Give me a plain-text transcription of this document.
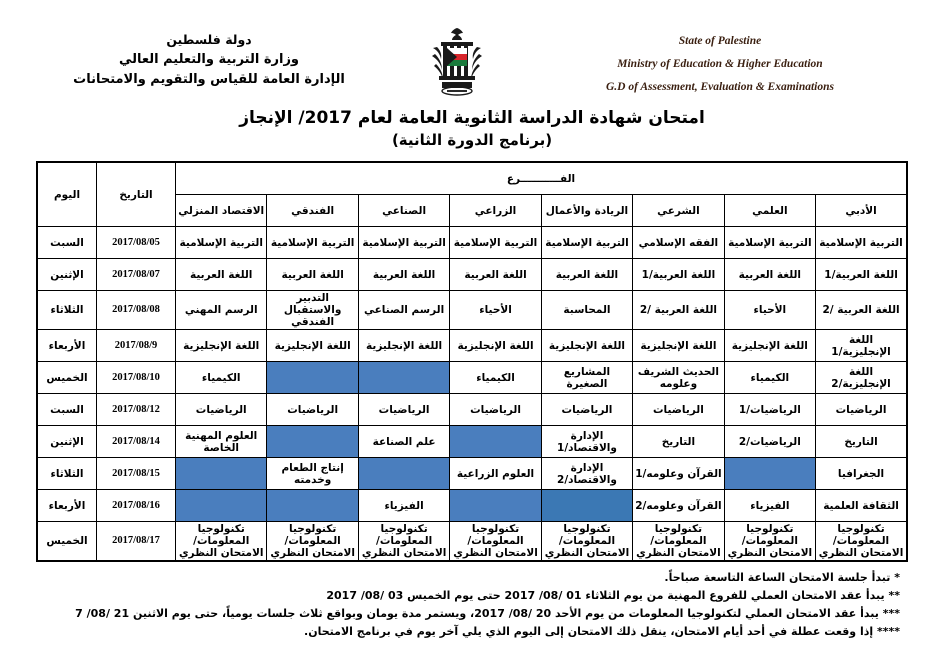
دولة فلسطين
وزارة التربية والتعليم العالي
الإدارة العامة للقياس والتقويم والامتحانات
State of Palestine
Ministry of Education & Higher Education
G.D of Assessment, Evaluation & Examinations
امتحان شهادة الدراسة الثانوية العامة لعام 2017/ الإنجاز
(برنامج الدورة الثانية)
الفـــــــــــرع								التاريخ	اليوم
الأدبي	العلمي	الشرعي	الريادة والأعمال	الزراعي	الصناعي	الفندقي	الاقتصاد المنزلي		
التربية الإسلامية	التربية الإسلامية	الفقه الإسلامي	التربية الإسلامية	التربية الإسلامية	التربية الإسلامية	التربية الإسلامية	التربية الإسلامية	2017/08/05	السبت
اللغة العربية/1	اللغة العربية	اللغة العربية/1	اللغة العربية	اللغة العربية	اللغة العربية	اللغة العربية	اللغة العربية	2017/08/07	الإثنين
اللغة العربية /2	الأحياء	اللغة العربية /2	المحاسبة	الأحياء	الرسم الصناعي	التدبير والاستقبال الفندقي	الرسم المهني	2017/08/08	الثلاثاء
اللغة الإنجليزية/1	اللغة الإنجليزية	اللغة الإنجليزية	اللغة الإنجليزية	اللغة الإنجليزية	اللغة الإنجليزية	اللغة الإنجليزية	اللغة الإنجليزية	2017/08/9	الأربعاء
اللغة الإنجليزية/2	الكيمياء	الحديث الشريف وعلومه	المشاريع الصغيرة	الكيمياء			الكيمياء	2017/08/10	الخميس
الرياضيات	الرياضيات/1	الرياضيات	الرياضيات	الرياضيات	الرياضيات	الرياضيات	الرياضيات	2017/08/12	السبت
التاريخ	الرياضيات/2	التاريخ	الإدارة والاقتصاد/1		علم الصناعة		العلوم المهنية الخاصة	2017/08/14	الإثنين
الجغرافيا		القرآن وعلومه/1	الإدارة والاقتصاد/2	العلوم الزراعية		إنتاج الطعام وخدمته		2017/08/15	الثلاثاء
الثقافة العلمية	الفيزياء	القرآن وعلومه/2			الفيزياء			2017/08/16	الأربعاء
تكنولوجيا المعلومات/ الامتحان النظري	تكنولوجيا المعلومات/ الامتحان النظري	تكنولوجيا المعلومات/ الامتحان النظري	تكنولوجيا المعلومات/ الامتحان النظري	تكنولوجيا المعلومات/ الامتحان النظري	تكنولوجيا المعلومات/ الامتحان النظري	تكنولوجيا المعلومات/ الامتحان النظري	تكنولوجيا المعلومات/ الامتحان النظري	2017/08/17	الخميس

* تبدأ جلسة الامتحان الساعة التاسعة صباحاً.

** يبدأ عقد الامتحان العملي للفروع المهنية من يوم الثلاثاء 01 /08/ 2017 حتى يوم الخميس 03 /08/ 2017

*** يبدأ عقد الامتحان العملي لتكنولوجيا المعلومات من يوم الأحد 20 /08/ 2017، ويستمر مدة يومان وبواقع ثلاث جلسات يومياً، حتى يوم الاثنين 21 /08/ 7

**** إذا وقعت عطلة في أحد أيام الامتحان، ينقل ذلك الامتحان إلى اليوم الذي يلي آخر يوم في برنامج الامتحان.
